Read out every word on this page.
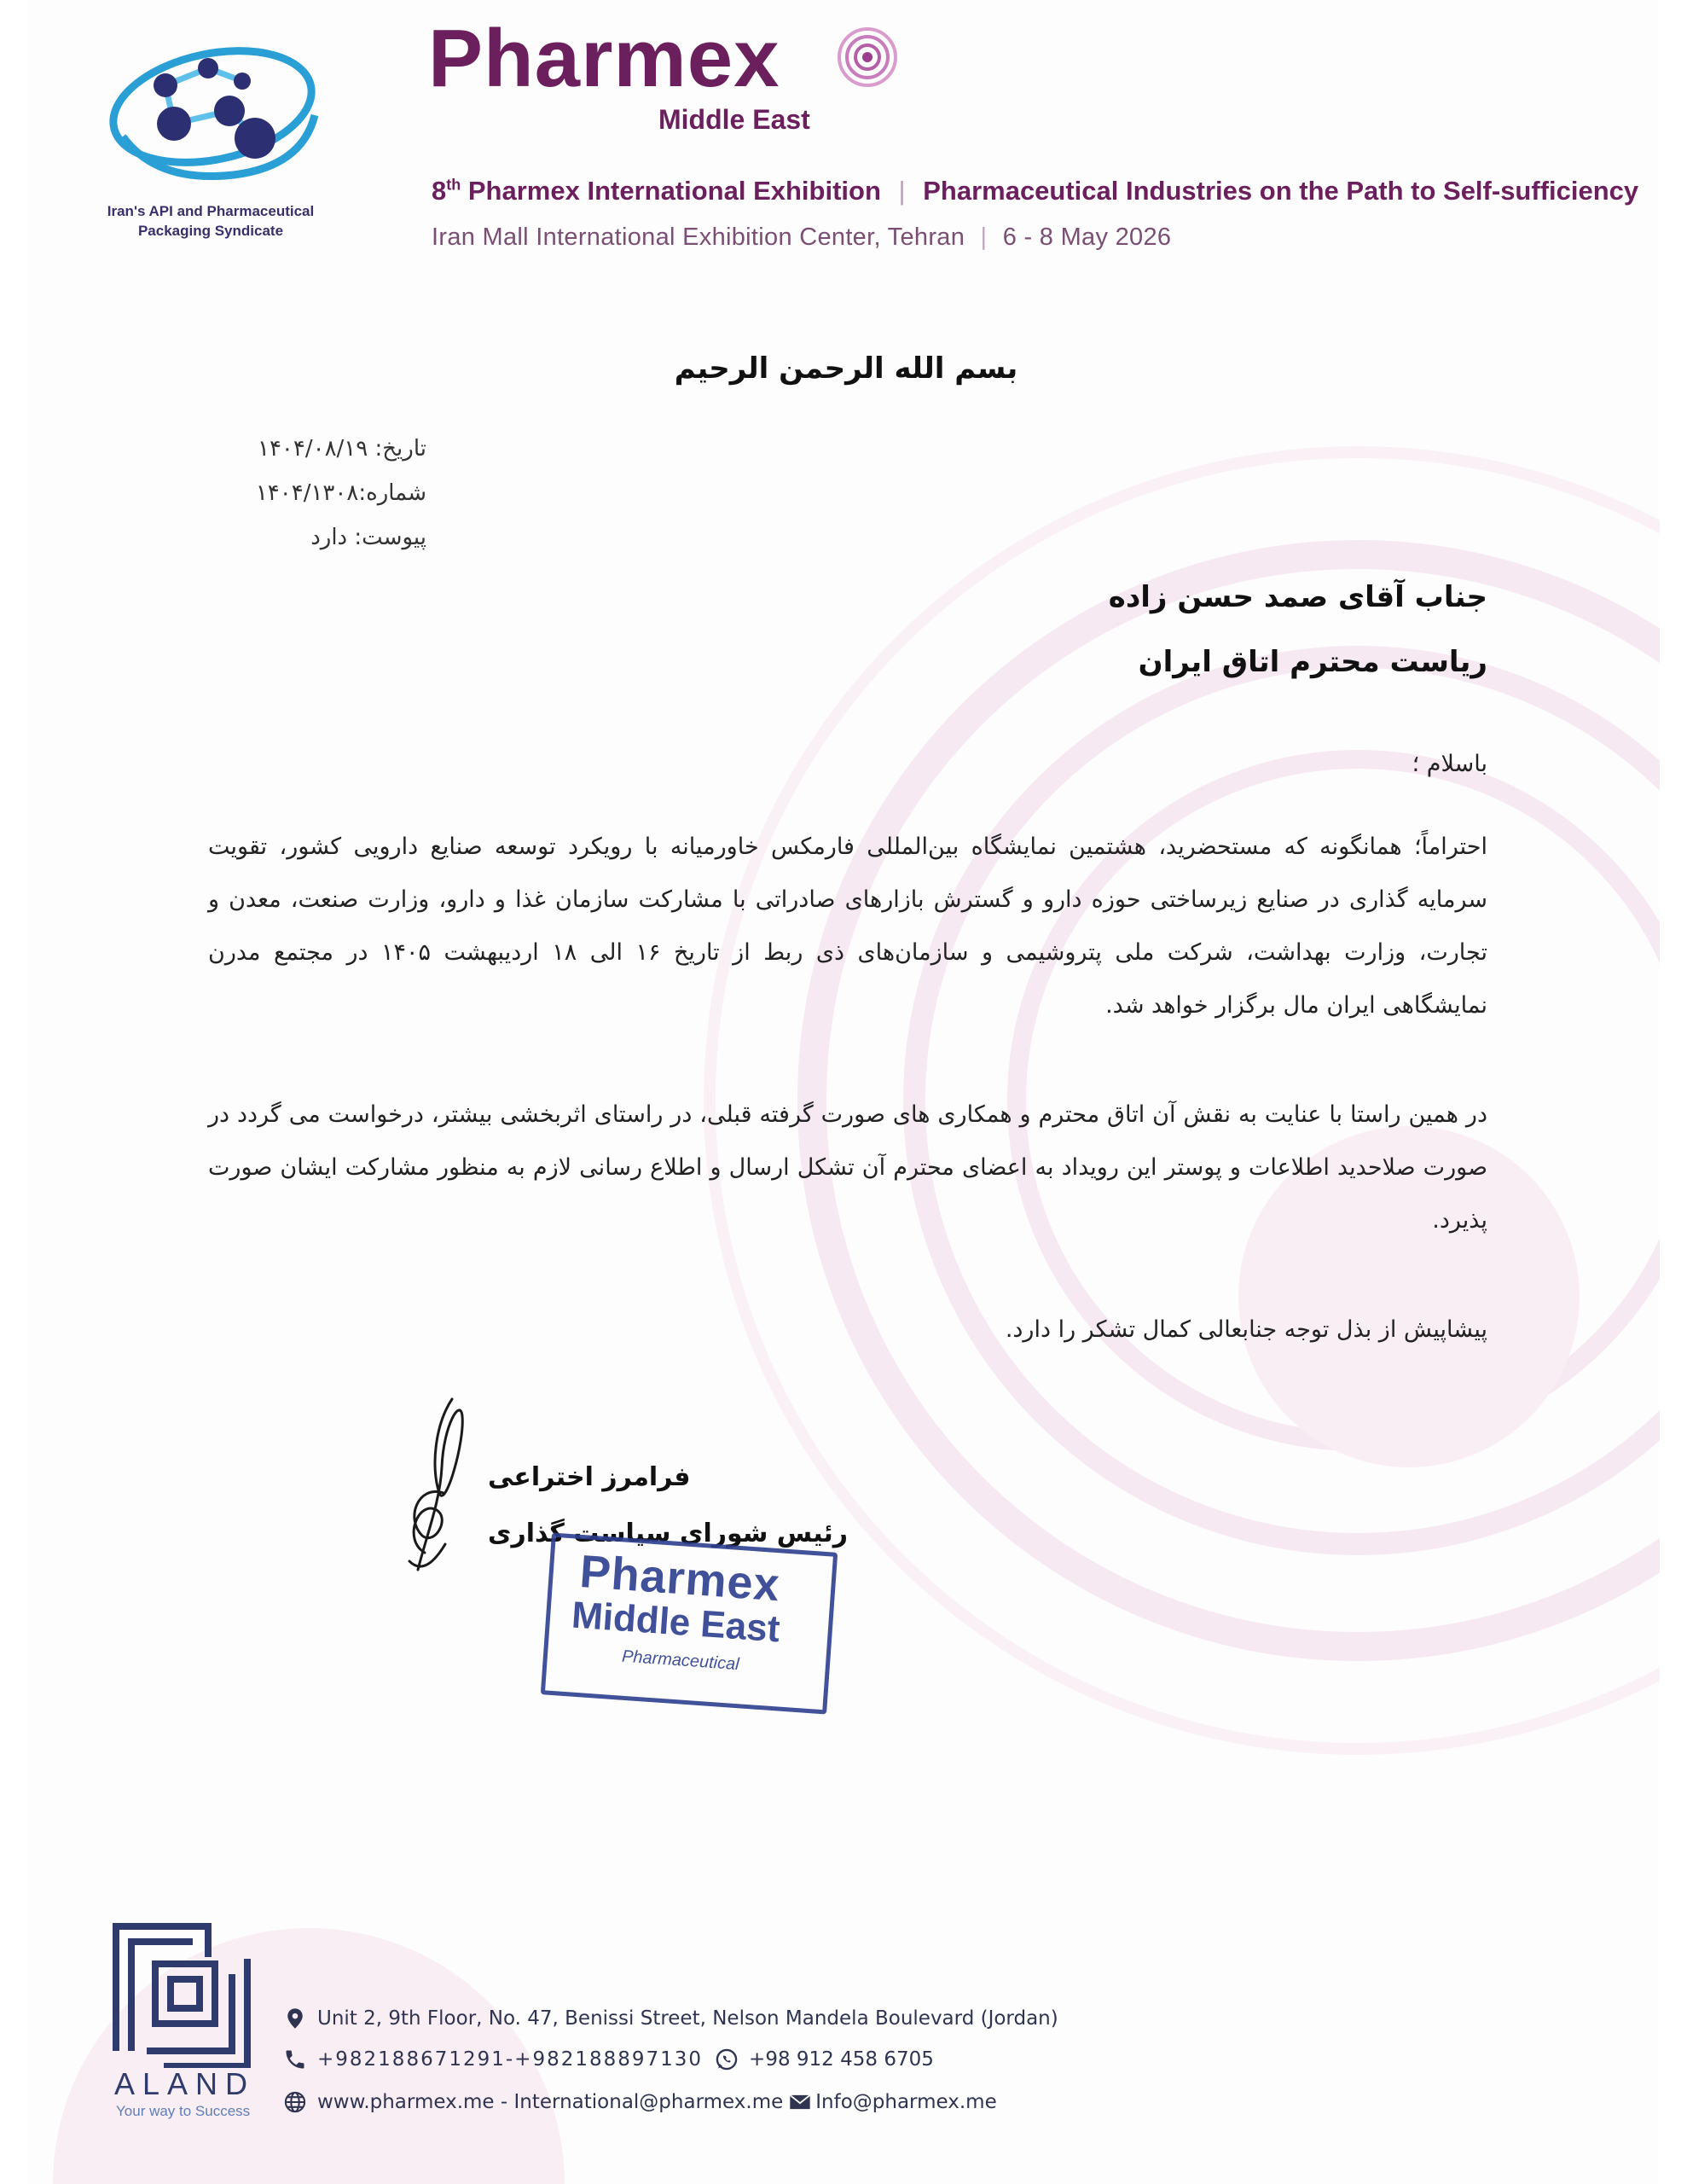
Iran's API and Pharmaceutical
Packaging Syndicate
Pharmex
Middle East
8th Pharmex International Exhibition | Pharmaceutical Industries on the Path to Self-sufficiency
Iran Mall International Exhibition Center, Tehran | 6 - 8 May 2026
بسم الله الرحمن الرحیم
تاریخ: ۱۴۰۴/۰۸/۱۹
شماره:۱۴۰۴/۱۳۰۸
پیوست: دارد
جناب آقای صمد حسن زاده
ریاست محترم اتاق ایران
باسلام ؛
احتراماً؛ همانگونه که مستحضرید، هشتمین نمایشگاه بین‌المللی فارمکس خاورمیانه با رویکرد توسعه صنایع دارویی کشور، تقویت سرمایه گذاری در صنایع زیرساختی حوزه دارو و گسترش بازارهای صادراتی با مشارکت سازمان غذا و دارو، وزارت صنعت، معدن و تجارت، وزارت بهداشت، شرکت ملی پتروشیمی و سازمان‌های ذی ربط از تاریخ ۱۶ الی ۱۸ اردیبهشت ۱۴۰۵ در مجتمع مدرن نمایشگاهی ایران مال برگزار خواهد شد.
در همین راستا با عنایت به نقش آن اتاق محترم و همکاری های صورت گرفته قبلی، در راستای اثربخشی بیشتر، درخواست می گردد در صورت صلاحدید اطلاعات و پوستر این رویداد به اعضای محترم آن تشکل ارسال و اطلاع رسانی لازم به منظور مشارکت ایشان صورت پذیرد.
پیشاپیش از بذل توجه جنابعالی کمال تشکر را دارد.
فرامرز اختراعی
رئیس شورای سیاست گذاری
Pharmex
Middle East
Pharmaceutical
ALAND
Your way to Success
Unit 2, 9th Floor, No. 47, Benissi Street, Nelson Mandela Boulevard (Jordan)
+982188671291-+982188897130 +98 912 458 6705
www.pharmex.me - International@pharmex.me Info@pharmex.me
